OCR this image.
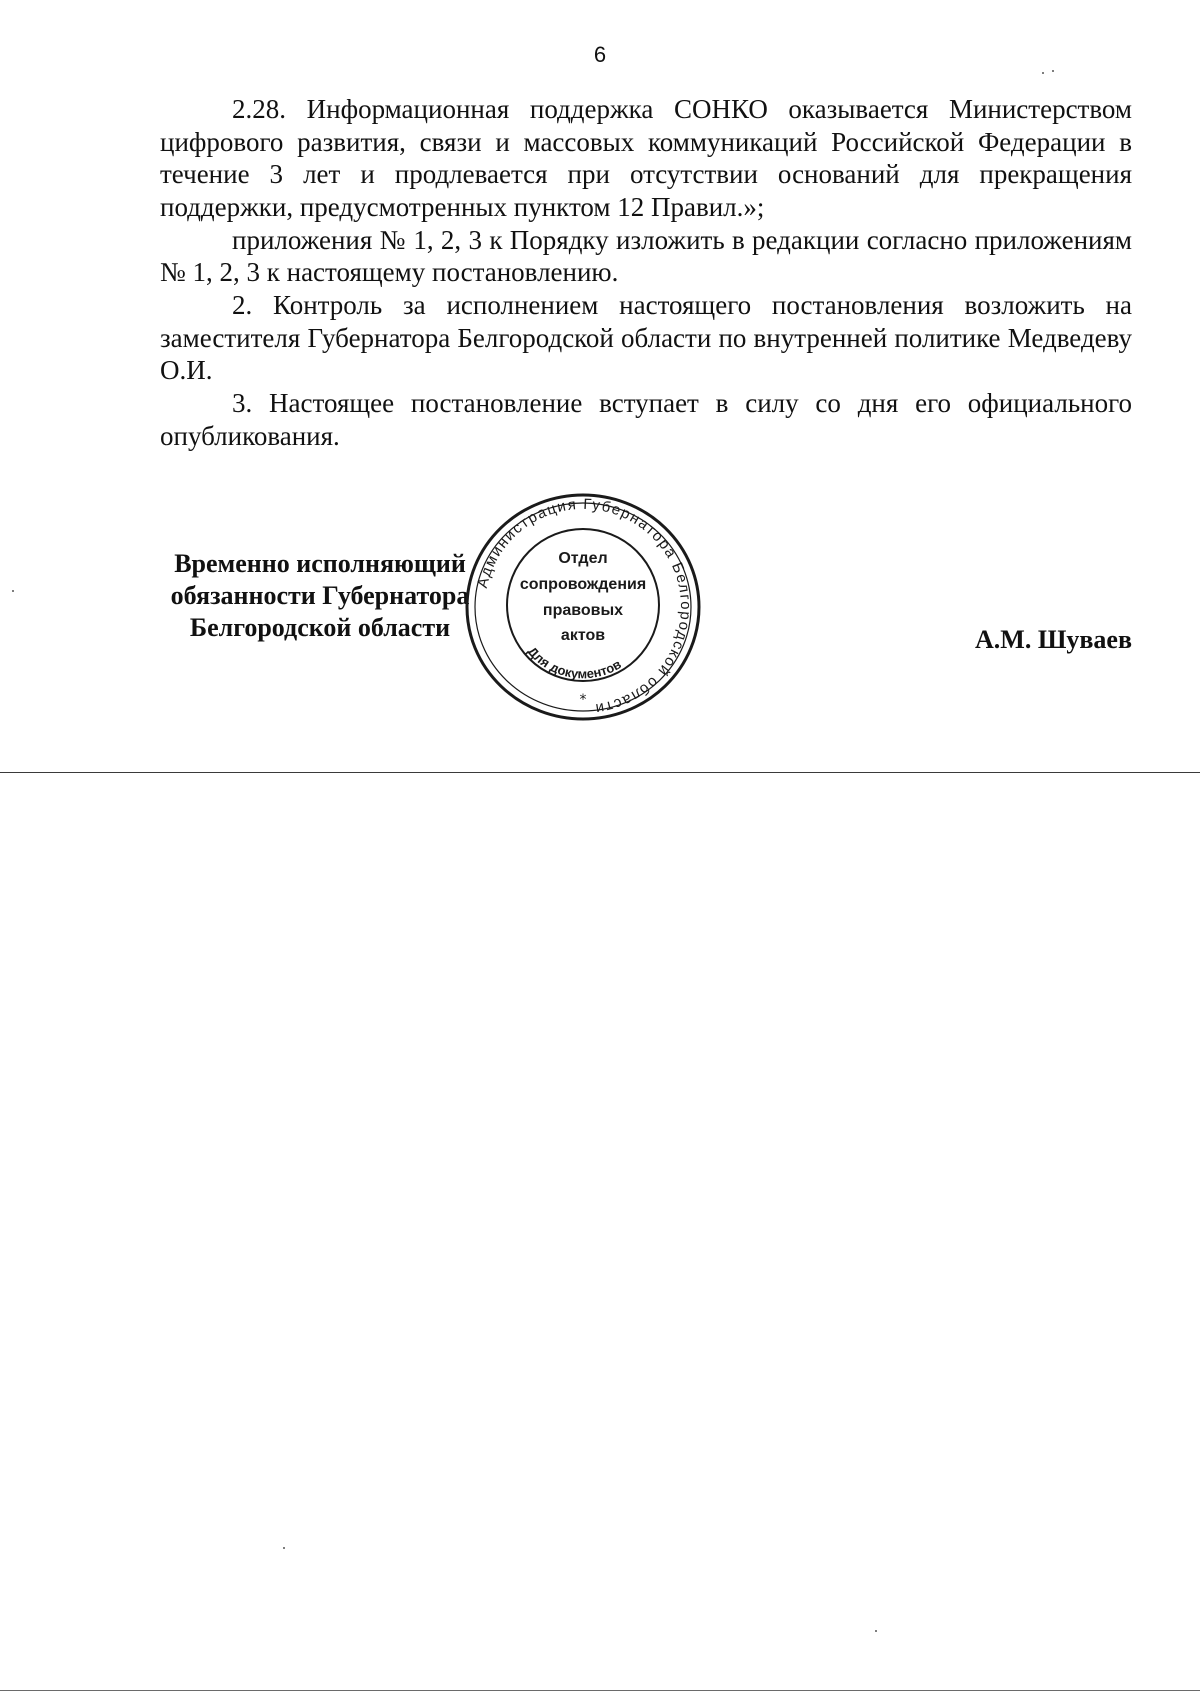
6

2.28. Информационная поддержка СОНКО оказывается Министерством цифрового развития, связи и массовых коммуникаций Российской Федерации в течение 3 лет и продлевается при отсутствии оснований для прекращения поддержки, предусмотренных пунктом 12 Правил.»;

приложения № 1, 2, 3 к Порядку изложить в редакции согласно приложениям № 1, 2, 3 к настоящему постановлению.

2. Контроль за исполнением настоящего постановления возложить на заместителя Губернатора Белгородской области по внутренней политике Медведеву О.И.

3. Настоящее постановление вступает в силу со дня его официального опубликования.

Временно исполняющий
обязанности Губернатора
Белгородской области	А.М. Шуваев
Администрация Губернатора Белгородской области
Отдел
сопровождения
правовых
актов
Для документов
*
